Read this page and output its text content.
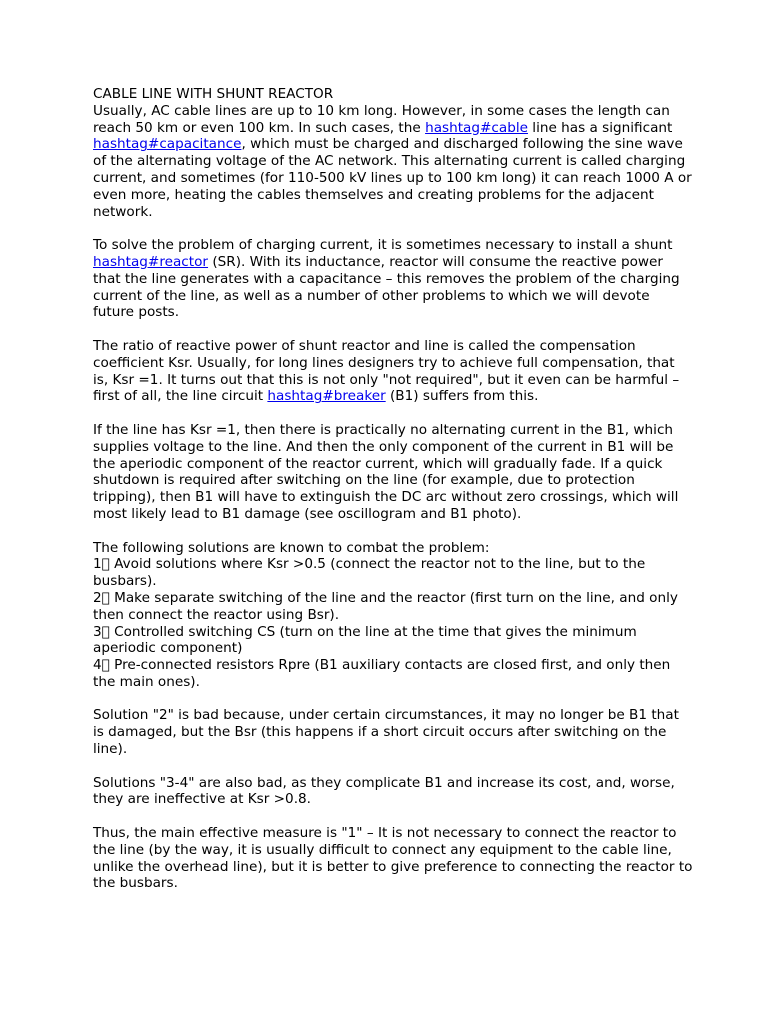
CABLE LINE WITH SHUNT REACTOR

Usually, AC cable lines are up to 10 km long. However, in some cases the length can reach 50 km or even 100 km. In such cases, the hashtag#cable line has a significant hashtag#capacitance, which must be charged and discharged following the sine wave of the alternating voltage of the AC network. This alternating current is called charging current, and sometimes (for 110-500 kV lines up to 100 km long) it can reach 1000 A or even more, heating the cables themselves and creating problems for the adjacent network.

To solve the problem of charging current, it is sometimes necessary to install a shunt hashtag#reactor (SR). With its inductance, reactor will consume the reactive power that the line generates with a capacitance – this removes the problem of the charging current of the line, as well as a number of other problems to which we will devote future posts.

The ratio of reactive power of shunt reactor and line is called the compensation coefficient Ksr. Usually, for long lines designers try to achieve full compensation, that is, Ksr =1. It turns out that this is not only "not required", but it even can be harmful – first of all, the line circuit hashtag#breaker (B1) suffers from this.

If the line has Ksr =1, then there is practically no alternating current in the B1, which supplies voltage to the line. And then the only component of the current in B1 will be the aperiodic component of the reactor current, which will gradually fade. If a quick shutdown is required after switching on the line (for example, due to protection tripping), then B1 will have to extinguish the DC arc without zero crossings, which will most likely lead to B1 damage (see oscillogram and B1 photo).

The following solutions are known to combat the problem:
1⃣ Avoid solutions where Ksr >0.5 (connect the reactor not to the line, but to the busbars).
2⃣ Make separate switching of the line and the reactor (first turn on the line, and only then connect the reactor using Bsr).
3⃣ Controlled switching CS (turn on the line at the time that gives the minimum aperiodic component)
4⃣ Pre-connected resistors Rpre (B1 auxiliary contacts are closed first, and only then the main ones).

Solution "2" is bad because, under certain circumstances, it may no longer be B1 that is damaged, but the Bsr (this happens if a short circuit occurs after switching on the line).

Solutions "3-4" are also bad, as they complicate B1 and increase its cost, and, worse, they are ineffective at Ksr >0.8.

Thus, the main effective measure is "1" – It is not necessary to connect the reactor to the line (by the way, it is usually difficult to connect any equipment to the cable line, unlike the overhead line), but it is better to give preference to connecting the reactor to the busbars.
